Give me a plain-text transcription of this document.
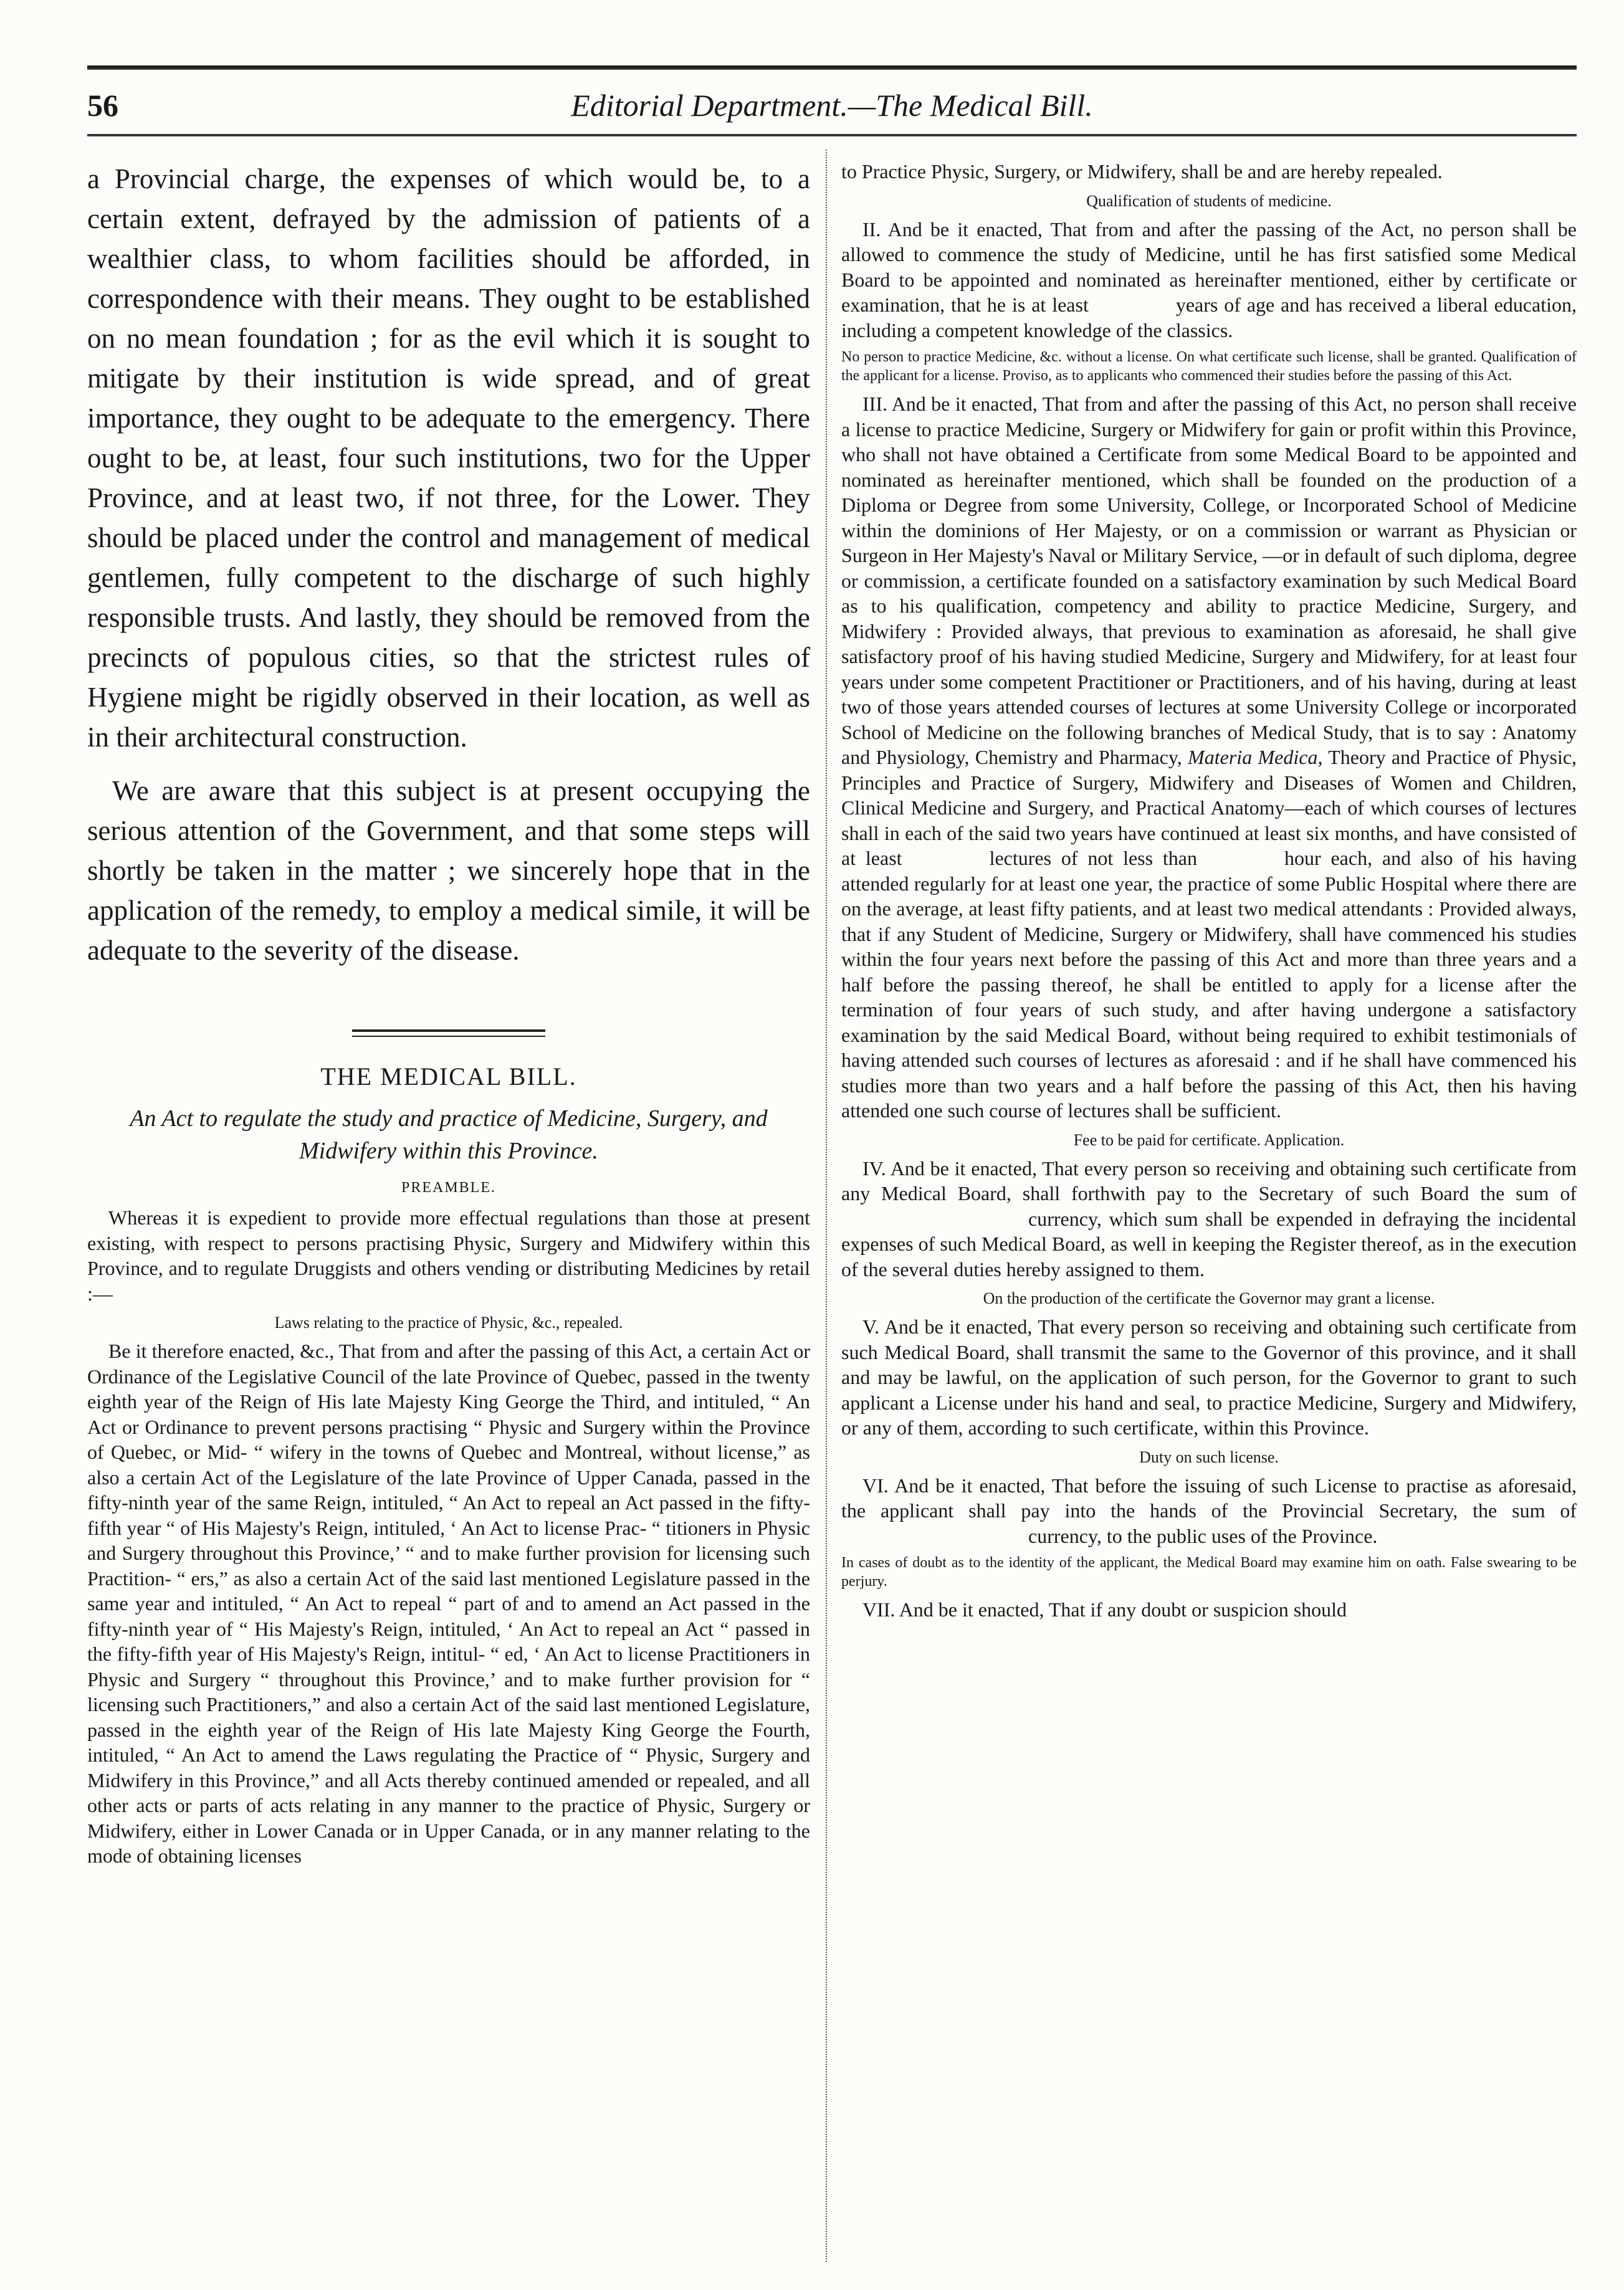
56	Editorial Department.—The Medical Bill.

a Provincial charge, the expenses of which would be, to a certain extent, defrayed by the admission of patients of a wealthier class, to whom facilities should be afforded, in correspondence with their means. They ought to be established on no mean foundation ; for as the evil which it is sought to mitigate by their institution is wide spread, and of great importance, they ought to be adequate to the emergency. There ought to be, at least, four such institutions, two for the Upper Province, and at least two, if not three, for the Lower. They should be placed under the control and management of medical gentlemen, fully competent to the discharge of such highly responsible trusts. And lastly, they should be removed from the precincts of populous cities, so that the strictest rules of Hygiene might be rigidly observed in their location, as well as in their architectural construction.

We are aware that this subject is at present occupying the serious attention of the Government, and that some steps will shortly be taken in the matter ; we sincerely hope that in the application of the remedy, to employ a medical simile, it will be adequate to the severity of the disease.

THE MEDICAL BILL.

An Act to regulate the study and practice of Medicine, Surgery, and Midwifery within this Province.

PREAMBLE.

Whereas it is expedient to provide more effectual regulations than those at present existing, with respect to persons practising Physic, Surgery and Midwifery within this Province, and to regulate Druggists and others vending or distributing Medicines by retail :—

Laws relating to the practice of Physic, &c., repealed.

Be it therefore enacted, &c., That from and after the passing of this Act, a certain Act or Ordinance of the Legislative Council of the late Province of Quebec, passed in the twenty eighth year of the Reign of His late Majesty King George the Third, and intituled, “ An Act or Ordinance to prevent persons practising “ Physic and Surgery within the Province of Quebec, or Mid- “ wifery in the towns of Quebec and Montreal, without license,” as also a certain Act of the Legislature of the late Province of Upper Canada, passed in the fifty-ninth year of the same Reign, intituled, “ An Act to repeal an Act passed in the fifty-fifth year “ of His Majesty's Reign, intituled, ‘ An Act to license Prac- “ titioners in Physic and Surgery throughout this Province,’ “ and to make further provision for licensing such Practition- “ ers,” as also a certain Act of the said last mentioned Legislature passed in the same year and intituled, “ An Act to repeal “ part of and to amend an Act passed in the fifty-ninth year of “ His Majesty's Reign, intituled, ‘ An Act to repeal an Act “ passed in the fifty-fifth year of His Majesty's Reign, intitul- “ ed, ‘ An Act to license Practitioners in Physic and Surgery “ throughout this Province,’ and to make further provision for “ licensing such Practitioners,” and also a certain Act of the said last mentioned Legislature, passed in the eighth year of the Reign of His late Majesty King George the Fourth, intituled, “ An Act to amend the Laws regulating the Practice of “ Physic, Surgery and Midwifery in this Province,” and all Acts thereby continued amended or repealed, and all other acts or parts of acts relating in any manner to the practice of Physic, Surgery or Midwifery, either in Lower Canada or in Upper Canada, or in any manner relating to the mode of obtaining licenses

to Practice Physic, Surgery, or Midwifery, shall be and are hereby repealed.

Qualification of students of medicine.

II. And be it enacted, That from and after the passing of the Act, no person shall be allowed to commence the study of Medicine, until he has first satisfied some Medical Board to be appointed and nominated as hereinafter mentioned, either by certificate or examination, that he is at least	years of age and has received a liberal education, including a competent knowledge of the classics.

No person to practice Medicine, &c. without a license. On what certificate such license, shall be granted. Qualification of the applicant for a license. Proviso, as to applicants who commenced their studies before the passing of this Act.

III. And be it enacted, That from and after the passing of this Act, no person shall receive a license to practice Medicine, Surgery or Midwifery for gain or profit within this Province, who shall not have obtained a Certificate from some Medical Board to be appointed and nominated as hereinafter mentioned, which shall be founded on the production of a Diploma or Degree from some University, College, or Incorporated School of Medicine within the dominions of Her Majesty, or on a commission or warrant as Physician or Surgeon in Her Majesty's Naval or Military Service, —or in default of such diploma, degree or commission, a certificate founded on a satisfactory examination by such Medical Board as to his qualification, competency and ability to practice Medicine, Surgery, and Midwifery : Provided always, that previous to examination as aforesaid, he shall give satisfactory proof of his having studied Medicine, Surgery and Midwifery, for at least four years under some competent Practitioner or Practitioners, and of his having, during at least two of those years attended courses of lectures at some University College or incorporated School of Medicine on the following branches of Medical Study, that is to say : Anatomy and Physiology, Chemistry and Pharmacy, Materia Medica, Theory and Practice of Physic, Principles and Practice of Surgery, Midwifery and Diseases of Women and Children, Clinical Medicine and Surgery, and Practical Anatomy—each of which courses of lectures shall in each of the said two years have continued at least six months, and have consisted of at least	lectures of not less than	hour each, and also of his having attended regularly for at least one year, the practice of some Public Hospital where there are on the average, at least fifty patients, and at least two medical attendants : Provided always, that if any Student of Medicine, Surgery or Midwifery, shall have commenced his studies within the four years next before the passing of this Act and more than three years and a half before the passing thereof, he shall be entitled to apply for a license after the termination of four years of such study, and after having undergone a satisfactory examination by the said Medical Board, without being required to exhibit testimonials of having attended such courses of lectures as aforesaid : and if he shall have commenced his studies more than two years and a half before the passing of this Act, then his having attended one such course of lectures shall be sufficient.

Fee to be paid for certificate. Application.

IV. And be it enacted, That every person so receiving and obtaining such certificate from any Medical Board, shall forthwith pay to the Secretary of such Board the sum ofcurrency, which sum shall be expended in defraying the incidental expenses of such Medical Board, as well in keeping the Register thereof, as in the execution of the several duties hereby assigned to them.

On the production of the certificate the Governor may grant a license.

V. And be it enacted, That every person so receiving and obtaining such certificate from such Medical Board, shall transmit the same to the Governor of this province, and it shall and may be lawful, on the application of such person, for the Governor to grant to such applicant a License under his hand and seal, to practice Medicine, Surgery and Midwifery, or any of them, according to such certificate, within this Province.

Duty on such license.

VI. And be it enacted, That before the issuing of such License to practise as aforesaid, the applicant shall pay into the hands of the Provincial Secretary, the sum ofcurrency, to the public uses of the Province.

In cases of doubt as to the identity of the applicant, the Medical Board may examine him on oath. False swearing to be perjury.

VII. And be it enacted, That if any doubt or suspicion should
